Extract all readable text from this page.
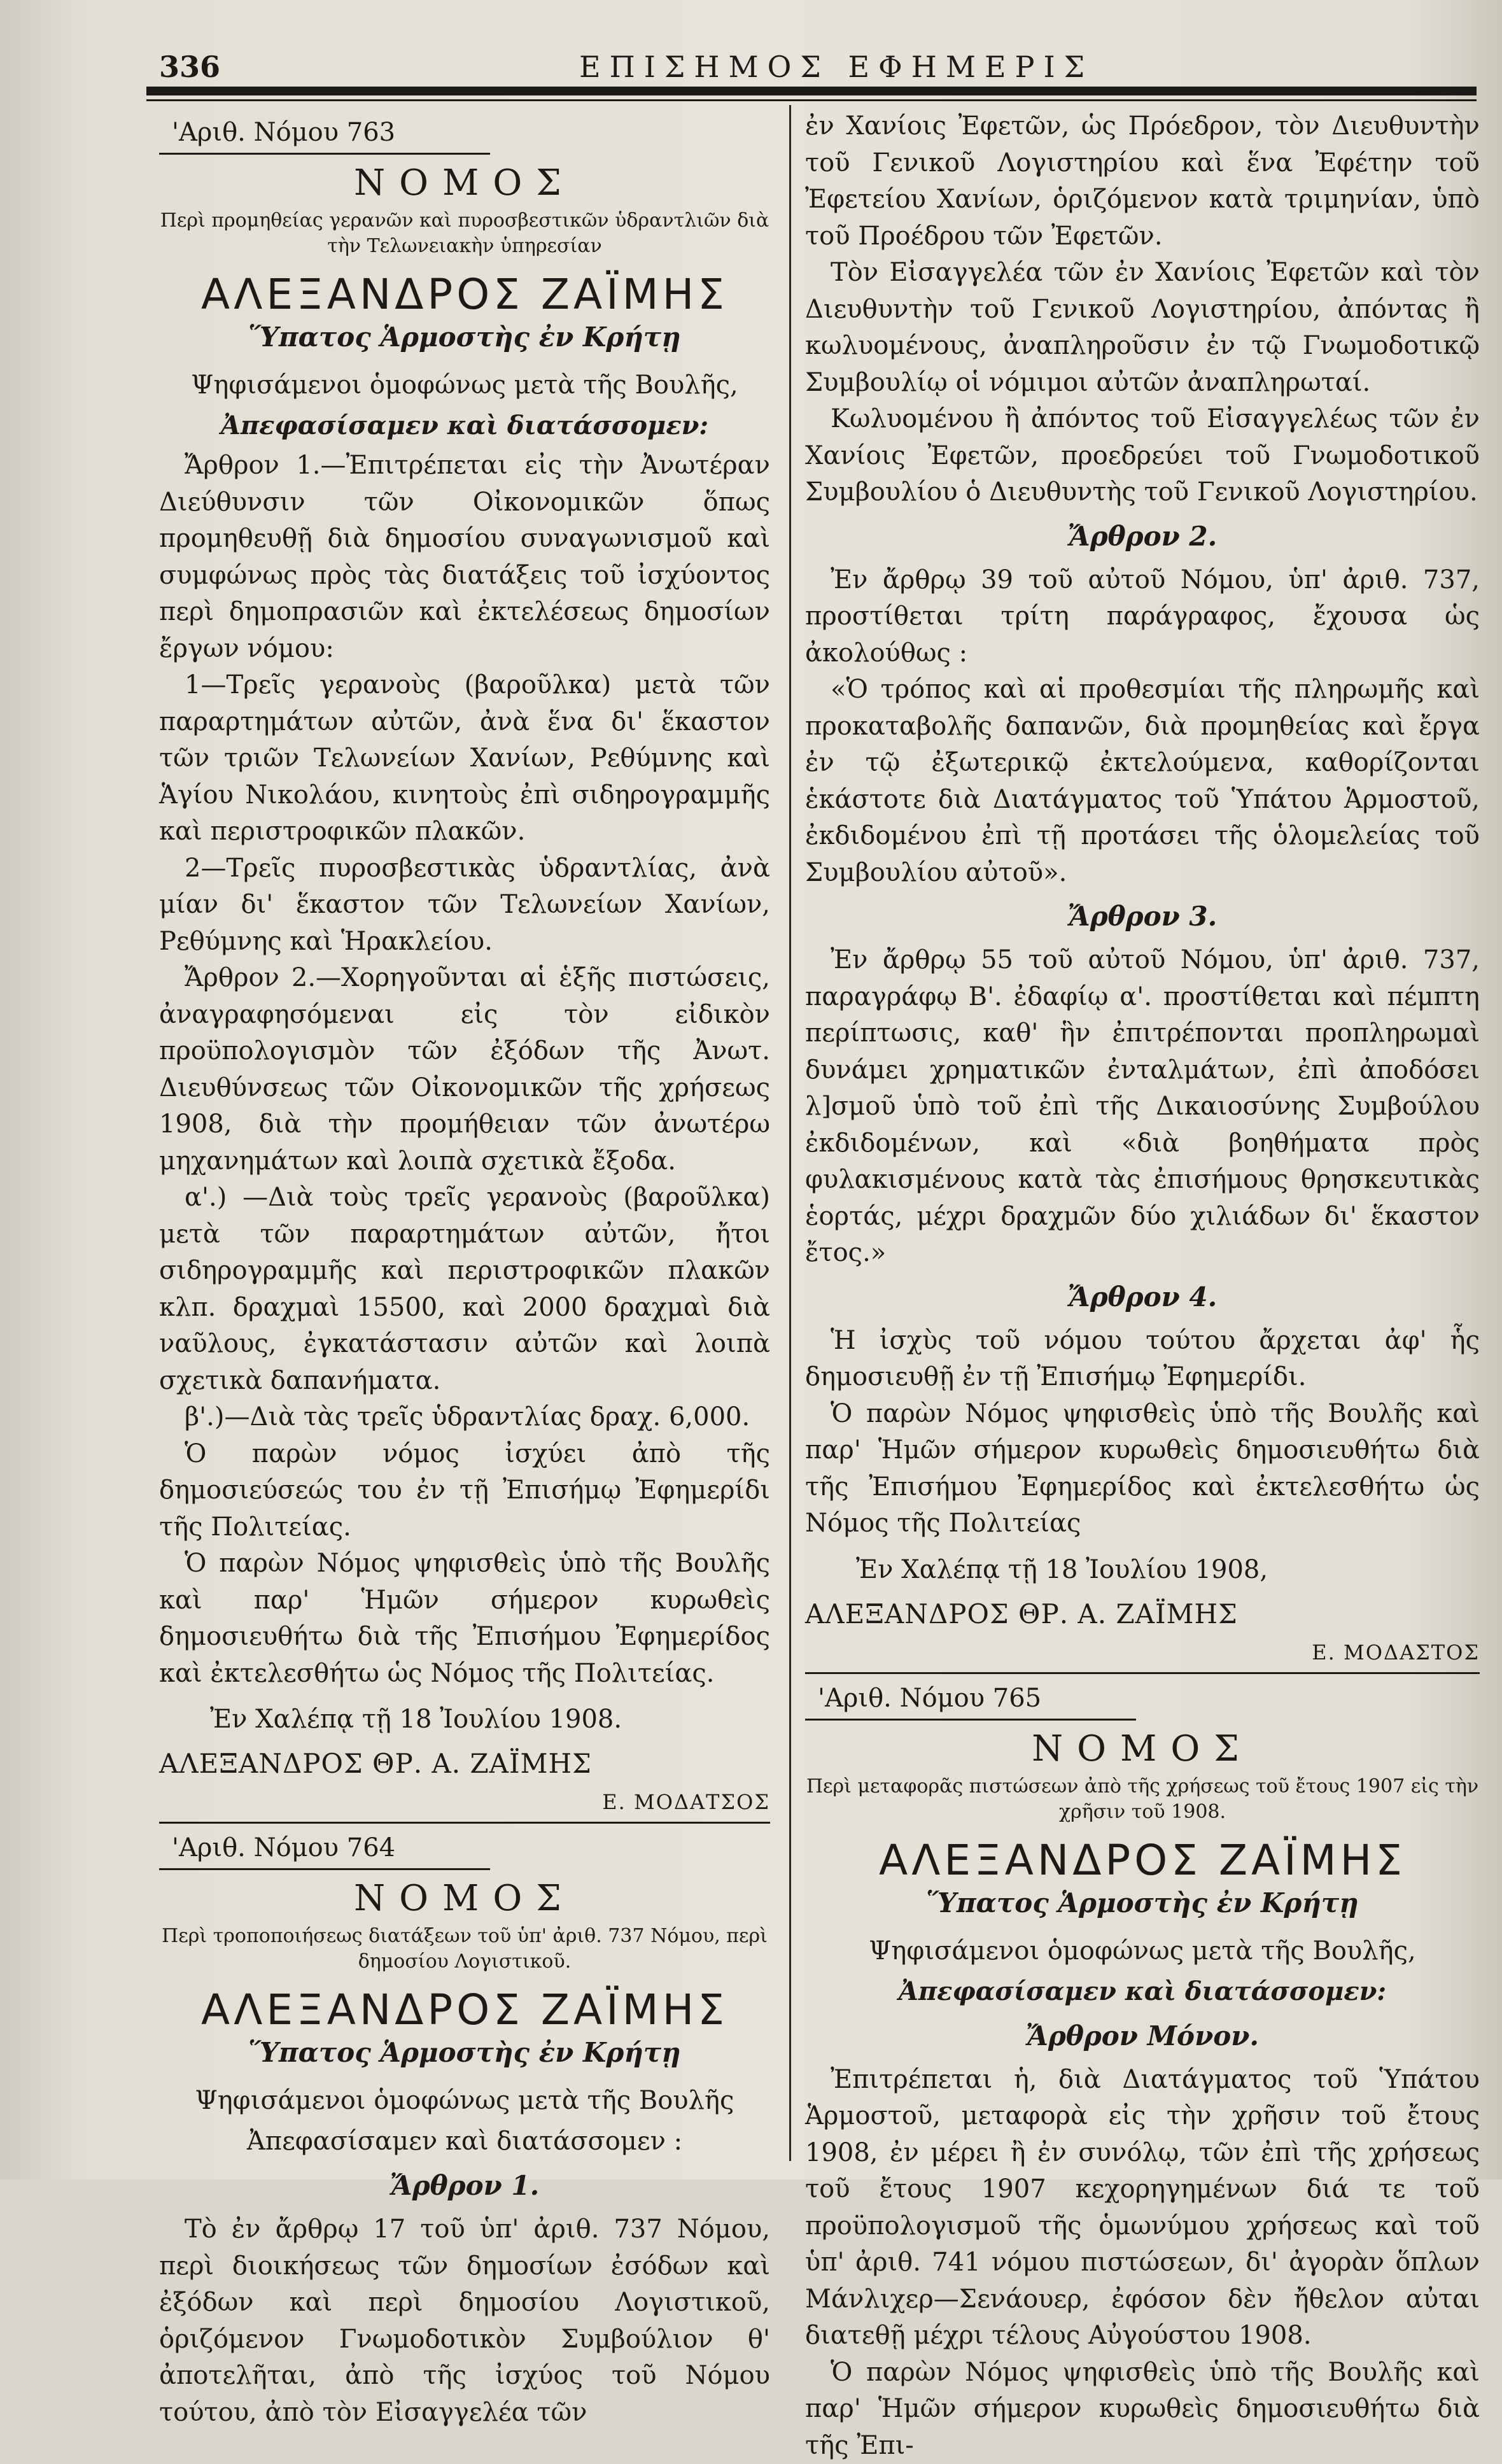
336	ΕΠΙΣΗΜΟΣ ΕΦΗΜΕΡΙΣ
'Αριθ. Νόμου 763
ΝΟΜΟΣ
Περὶ προμηθείας γερανῶν καὶ πυροσβεστικῶν ὑδραντλιῶν διὰ τὴν Τελωνειακὴν ὑπηρεσίαν
ΑΛΕΞΑΝΔΡΟΣ ΖΑΪΜΗΣ
Ὕπατος Ἁρμοστὴς ἐν Κρήτῃ
Ψηφισάμενοι ὁμοφώνως μετὰ τῆς Βουλῆς,
Ἀπεφασίσαμεν καὶ διατάσσομεν:

Ἄρθρον 1.—Ἐπιτρέπεται εἰς τὴν Ἀνωτέραν Διεύθυνσιν τῶν Οἰκονομικῶν ὅπως προμηθευθῇ διὰ δημοσίου συναγωνισμοῦ καὶ συμφώνως πρὸς τὰς διατάξεις τοῦ ἰσχύοντος περὶ δημοπρασιῶν καὶ ἐκτελέσεως δημοσίων ἔργων νόμου:

1—Τρεῖς γερανοὺς (βαροῦλκα) μετὰ τῶν παραρτημάτων αὐτῶν, ἀνὰ ἕνα δι' ἕκαστον τῶν τριῶν Τελωνείων Χανίων, Ρεθύμνης καὶ Ἁγίου Νικολάου, κινητοὺς ἐπὶ σιδηρογραμμῆς καὶ περιστροφικῶν πλακῶν.

2—Τρεῖς πυροσβεστικὰς ὑδραντλίας, ἀνὰ μίαν δι' ἕκαστον τῶν Τελωνείων Χανίων, Ρεθύμνης καὶ Ἡρακλείου.

Ἄρθρον 2.—Χορηγοῦνται αἱ ἑξῆς πιστώσεις, ἀναγραφησόμεναι εἰς τὸν εἰδικὸν προϋπολογισμὸν τῶν ἐξόδων τῆς Ἀνωτ. Διευθύνσεως τῶν Οἰκονομικῶν τῆς χρήσεως 1908, διὰ τὴν προμήθειαν τῶν ἀνωτέρω μηχανημάτων καὶ λοιπὰ σχετικὰ ἔξοδα.

α'.) —Διὰ τοὺς τρεῖς γερανοὺς (βαροῦλκα) μετὰ τῶν παραρτημάτων αὐτῶν, ἤτοι σιδηρογραμμῆς καὶ περιστροφικῶν πλακῶν κλπ. δραχμαὶ 15500, καὶ 2000 δραχμαὶ διὰ ναῦλους, ἐγκατάστασιν αὐτῶν καὶ λοιπὰ σχετικὰ δαπανήματα.

β'.)—Διὰ τὰς τρεῖς ὑδραντλίας δραχ. 6,000.

Ὁ παρὼν νόμος ἰσχύει ἀπὸ τῆς δημοσιεύσεώς του ἐν τῇ Ἐπισήμῳ Ἐφημερίδι τῆς Πολιτείας.

Ὁ παρὼν Νόμος ψηφισθεὶς ὑπὸ τῆς Βουλῆς καὶ παρ' Ἡμῶν σήμερον κυρωθεὶς δημοσιευθήτω διὰ τῆς Ἐπισήμου Ἐφημερίδος καὶ ἐκτελεσθήτω ὡς Νόμος τῆς Πολιτείας.

Ἐν Χαλέπᾳ τῇ 18 Ἰουλίου 1908.
ΑΛΕΞΑΝΔΡΟΣ ΘΡ. Α. ΖΑΪΜΗΣ
Ε. ΜΟΔΑΤΣΟΣ
'Αριθ. Νόμου 764
ΝΟΜΟΣ
Περὶ τροποποιήσεως διατάξεων τοῦ ὑπ' ἀριθ. 737 Νόμου, περὶ δημοσίου Λογιστικοῦ.
ΑΛΕΞΑΝΔΡΟΣ ΖΑΪΜΗΣ
Ὕπατος Ἁρμοστὴς ἐν Κρήτῃ
Ψηφισάμενοι ὁμοφώνως μετὰ τῆς Βουλῆς
Ἀπεφασίσαμεν καὶ διατάσσομεν :
Ἄρθρον 1.

Τὸ ἐν ἄρθρῳ 17 τοῦ ὑπ' ἀριθ. 737 Νόμου, περὶ διοικήσεως τῶν δημοσίων ἐσόδων καὶ ἐξόδων καὶ περὶ δημοσίου Λογιστικοῦ, ὁριζόμενον Γνωμοδοτικὸν Συμβούλιον θ' ἀποτελῆται, ἀπὸ τῆς ἰσχύος τοῦ Νόμου τούτου, ἀπὸ τὸν Εἰσαγγελέα τῶν

ἐν Χανίοις Ἐφετῶν, ὡς Πρόεδρον, τὸν Διευθυντὴν τοῦ Γενικοῦ Λογιστηρίου καὶ ἕνα Ἐφέτην τοῦ Ἐφετείου Χανίων, ὁριζόμενον κατὰ τριμηνίαν, ὑπὸ τοῦ Προέδρου τῶν Ἐφετῶν.

Τὸν Εἰσαγγελέα τῶν ἐν Χανίοις Ἐφετῶν καὶ τὸν Διευθυντὴν τοῦ Γενικοῦ Λογιστηρίου, ἀπόντας ἢ κωλυομένους, ἀναπληροῦσιν ἐν τῷ Γνωμοδοτικῷ Συμβουλίῳ οἱ νόμιμοι αὐτῶν ἀναπληρωταί.

Κωλυομένου ἢ ἀπόντος τοῦ Εἰσαγγελέως τῶν ἐν Χανίοις Ἐφετῶν, προεδρεύει τοῦ Γνωμοδοτικοῦ Συμβουλίου ὁ Διευθυντὴς τοῦ Γενικοῦ Λογιστηρίου.

Ἄρθρον 2.

Ἐν ἄρθρῳ 39 τοῦ αὐτοῦ Νόμου, ὑπ' ἀριθ. 737, προστίθεται τρίτη παράγραφος, ἔχουσα ὡς ἀκολούθως :

«Ὁ τρόπος καὶ αἱ προθεσμίαι τῆς πληρωμῆς καὶ προκαταβολῆς δαπανῶν, διὰ προμηθείας καὶ ἔργα ἐν τῷ ἐξωτερικῷ ἐκτελούμενα, καθορίζονται ἑκάστοτε διὰ Διατάγματος τοῦ Ὑπάτου Ἁρμοστοῦ, ἐκδιδομένου ἐπὶ τῇ προτάσει τῆς ὁλομελείας τοῦ Συμβουλίου αὐτοῦ».

Ἄρθρον 3.

Ἐν ἄρθρῳ 55 τοῦ αὐτοῦ Νόμου, ὑπ' ἀριθ. 737, παραγράφῳ Β'. ἐδαφίῳ α'. προστίθεται καὶ πέμπτη περίπτωσις, καθ' ἣν ἐπιτρέπονται προπληρωμαὶ δυνάμει χρηματικῶν ἐνταλμάτων, ἐπὶ ἀποδόσει λ]σμοῦ ὑπὸ τοῦ ἐπὶ τῆς Δικαιοσύνης Συμβούλου ἐκδιδομένων, καὶ «διὰ βοηθήματα πρὸς φυλακισμένους κατὰ τὰς ἐπισήμους θρησκευτικὰς ἑορτάς, μέχρι δραχμῶν δύο χιλιάδων δι' ἕκαστον ἔτος.»

Ἄρθρον 4.

Ἡ ἰσχὺς τοῦ νόμου τούτου ἄρχεται ἀφ' ἧς δημοσιευθῇ ἐν τῇ Ἐπισήμῳ Ἐφημερίδι.

Ὁ παρὼν Νόμος ψηφισθεὶς ὑπὸ τῆς Βουλῆς καὶ παρ' Ἡμῶν σήμερον κυρωθεὶς δημοσιευθήτω διὰ τῆς Ἐπισήμου Ἐφημερίδος καὶ ἐκτελεσθήτω ὡς Νόμος τῆς Πολιτείας

Ἐν Χαλέπᾳ τῇ 18 Ἰουλίου 1908,
ΑΛΕΞΑΝΔΡΟΣ ΘΡ. Α. ΖΑΪΜΗΣ
Ε. ΜΟΔΑΣΤΟΣ
'Αριθ. Νόμου 765
ΝΟΜΟΣ
Περὶ μεταφορᾶς πιστώσεων ἀπὸ τῆς χρήσεως τοῦ ἔτους 1907 εἰς τὴν χρῆσιν τοῦ 1908.
ΑΛΕΞΑΝΔΡΟΣ ΖΑΪΜΗΣ
Ὕπατος Ἁρμοστὴς ἐν Κρήτῃ
Ψηφισάμενοι ὁμοφώνως μετὰ τῆς Βουλῆς,
Ἀπεφασίσαμεν καὶ διατάσσομεν:
Ἄρθρον Μόνον.

Ἐπιτρέπεται ἡ, διὰ Διατάγματος τοῦ Ὑπάτου Ἁρμοστοῦ, μεταφορὰ εἰς τὴν χρῆσιν τοῦ ἔτους 1908, ἐν μέρει ἢ ἐν συνόλῳ, τῶν ἐπὶ τῆς χρήσεως τοῦ ἔτους 1907 κεχορηγημένων διά τε τοῦ προϋπολογισμοῦ τῆς ὁμωνύμου χρήσεως καὶ τοῦ ὑπ' ἀριθ. 741 νόμου πιστώσεων, δι' ἀγορὰν ὅπλων Μάνλιχερ—Σενάουερ, ἐφόσον δὲν ἤθελον αὐται διατεθῇ μέχρι τέλους Αὐγούστου 1908.

Ὁ παρὼν Νόμος ψηφισθεὶς ὑπὸ τῆς Βουλῆς καὶ παρ' Ἡμῶν σήμερον κυρωθεὶς δημοσιευθήτω διὰ τῆς Ἐπι-
